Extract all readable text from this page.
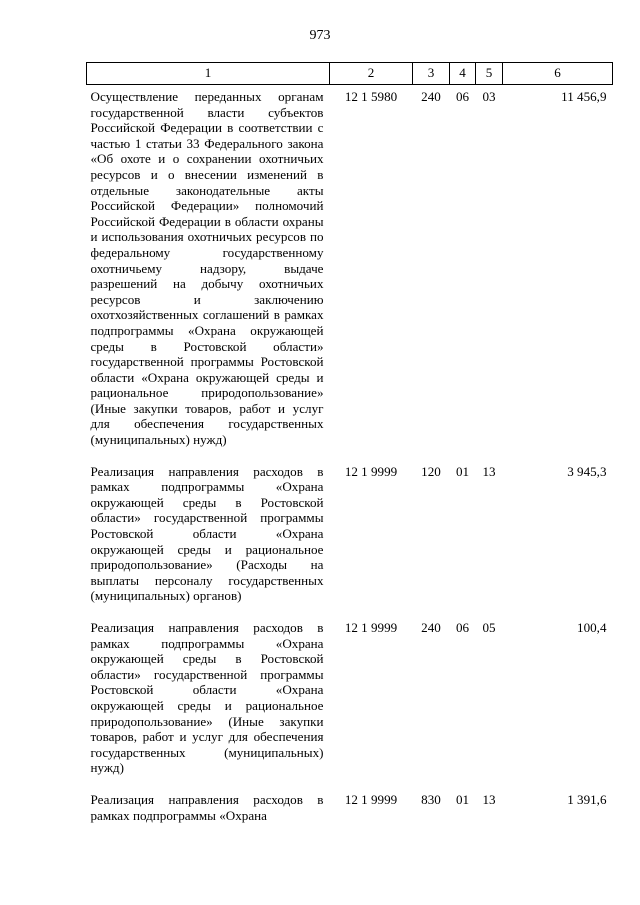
973
1	2	3	4	5	6
Осуществление переданных органам государственной власти субъектов Российской Федерации в соответствии с частью 1 статьи 33 Федерального закона «Об охоте и о сохранении охотничьих ресурсов и о внесении изменений в отдельные законодательные акты Российской Федерации» полномочий Российской Федерации в области охраны и использования охотничьих ресурсов по федеральному государственному охотничьему надзору, выдаче разрешений на добычу охотничьих ресурсов и заключению охотхозяйственных соглашений в рамках подпрограммы «Охрана окружающей среды в Ростовской области» государственной программы Ростовской области «Охрана окружающей среды и рациональное природопользование» (Иные закупки товаров, работ и услуг для обеспечения государственных (муниципальных) нужд)	12 1 5980	240	06	03	11 456,9
Реализация направления расходов в рамках подпрограммы «Охрана окружающей среды в Ростовской области» государственной программы Ростовской области «Охрана окружающей среды и рациональное природопользование» (Расходы на выплаты персоналу государственных (муниципальных) органов)	12 1 9999	120	01	13	3 945,3
Реализация направления расходов в рамках подпрограммы «Охрана окружающей среды в Ростовской области» государственной программы Ростовской области «Охрана окружающей среды и рациональное природопользование» (Иные закупки товаров, работ и услуг для обеспечения государственных (муниципальных) нужд)	12 1 9999	240	06	05	100,4
Реализация направления расходов в рамках подпрограммы «Охрана	12 1 9999	830	01	13	1 391,6
